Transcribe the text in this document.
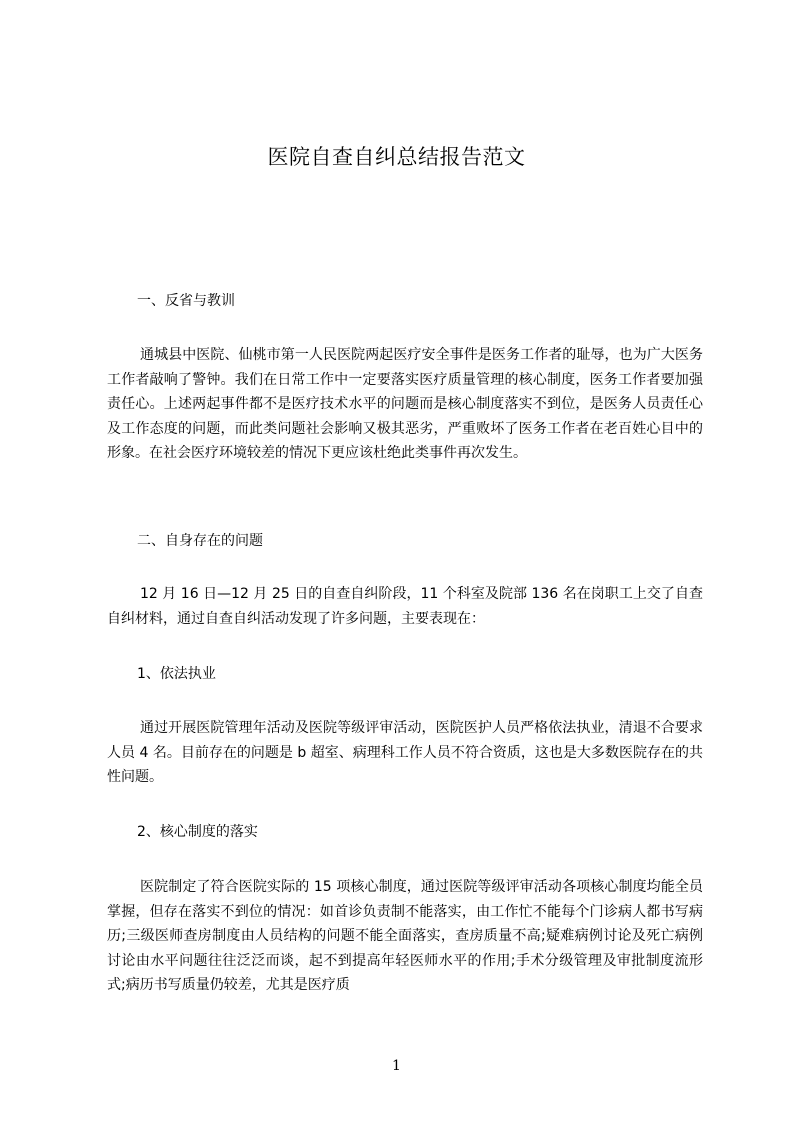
医院自查自纠总结报告范文
一、反省与教训

通城县中医院、仙桃市第一人民医院两起医疗安全事件是医务工作者的耻辱，也为广大医务工作者敲响了警钟。我们在日常工作中一定要落实医疗质量管理的核心制度，医务工作者要加强责任心。上述两起事件都不是医疗技术水平的问题而是核心制度落实不到位，是医务人员责任心及工作态度的问题，而此类问题社会影响又极其恶劣，严重败坏了医务工作者在老百姓心目中的形象。在社会医疗环境较差的情况下更应该杜绝此类事件再次发生。

二、自身存在的问题

12 月 16 日—12 月 25 日的自查自纠阶段，11 个科室及院部 136 名在岗职工上交了自查自纠材料，通过自查自纠活动发现了许多问题，主要表现在：

1、依法执业

通过开展医院管理年活动及医院等级评审活动，医院医护人员严格依法执业，清退不合要求人员 4 名。目前存在的问题是 b 超室、病理科工作人员不符合资质，这也是大多数医院存在的共性问题。

2、核心制度的落实

医院制定了符合医院实际的 15 项核心制度，通过医院等级评审活动各项核心制度均能全员掌握，但存在落实不到位的情况：如首诊负责制不能落实，由工作忙不能每个门诊病人都书写病历;三级医师查房制度由人员结构的问题不能全面落实，查房质量不高;疑难病例讨论及死亡病例讨论由水平问题往往泛泛而谈，起不到提高年轻医师水平的作用;手术分级管理及审批制度流形式;病历书写质量仍较差，尤其是医疗质

1
